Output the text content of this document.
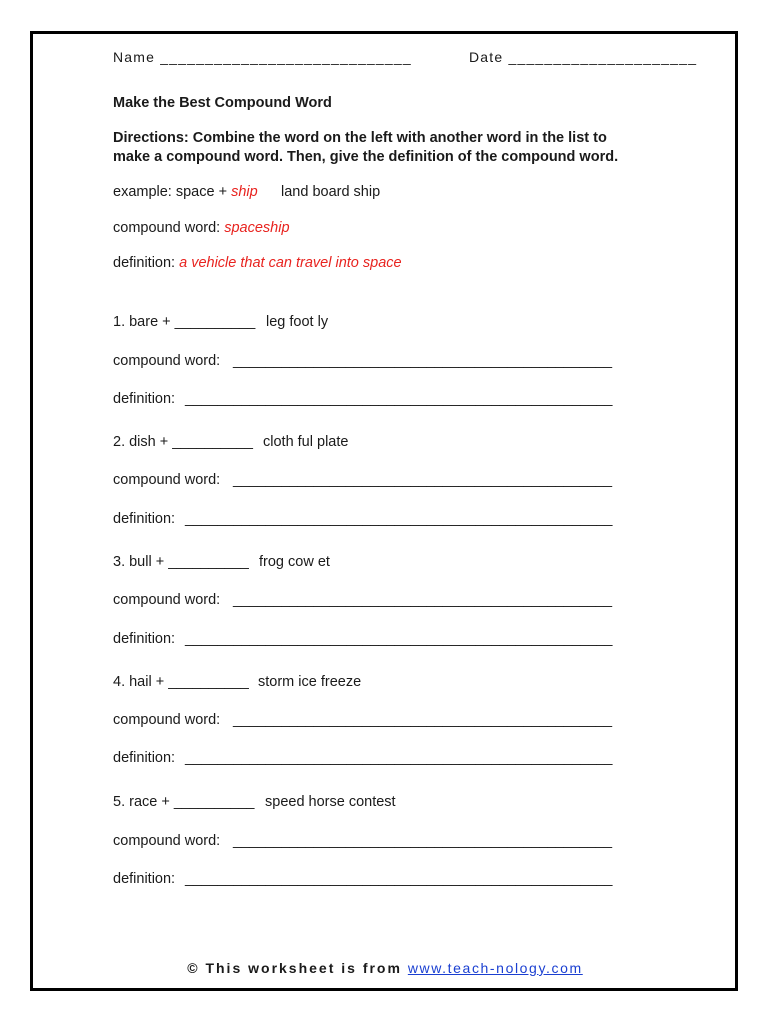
Name ____________________________	Date _____________________
Make the Best Compound Word
Directions: Combine the word on the left with another word in the list to
make a compound word. Then, give the definition of the compound word.
example: space + ship land board ship
compound word: spaceship
definition: a vehicle that can travel into space
1. bare + __________ leg foot ly
compound word: _______________________________________________
definition: _____________________________________________________
2. dish + __________ cloth ful plate
compound word: _______________________________________________
definition: _____________________________________________________
3. bull + __________ frog cow et
compound word: _______________________________________________
definition: _____________________________________________________
4. hail + __________ storm ice freeze
compound word: _______________________________________________
definition: _____________________________________________________
5. race + __________ speed horse contest
compound word: _______________________________________________
definition: _____________________________________________________
© This worksheet is from www.teach-nology.com
